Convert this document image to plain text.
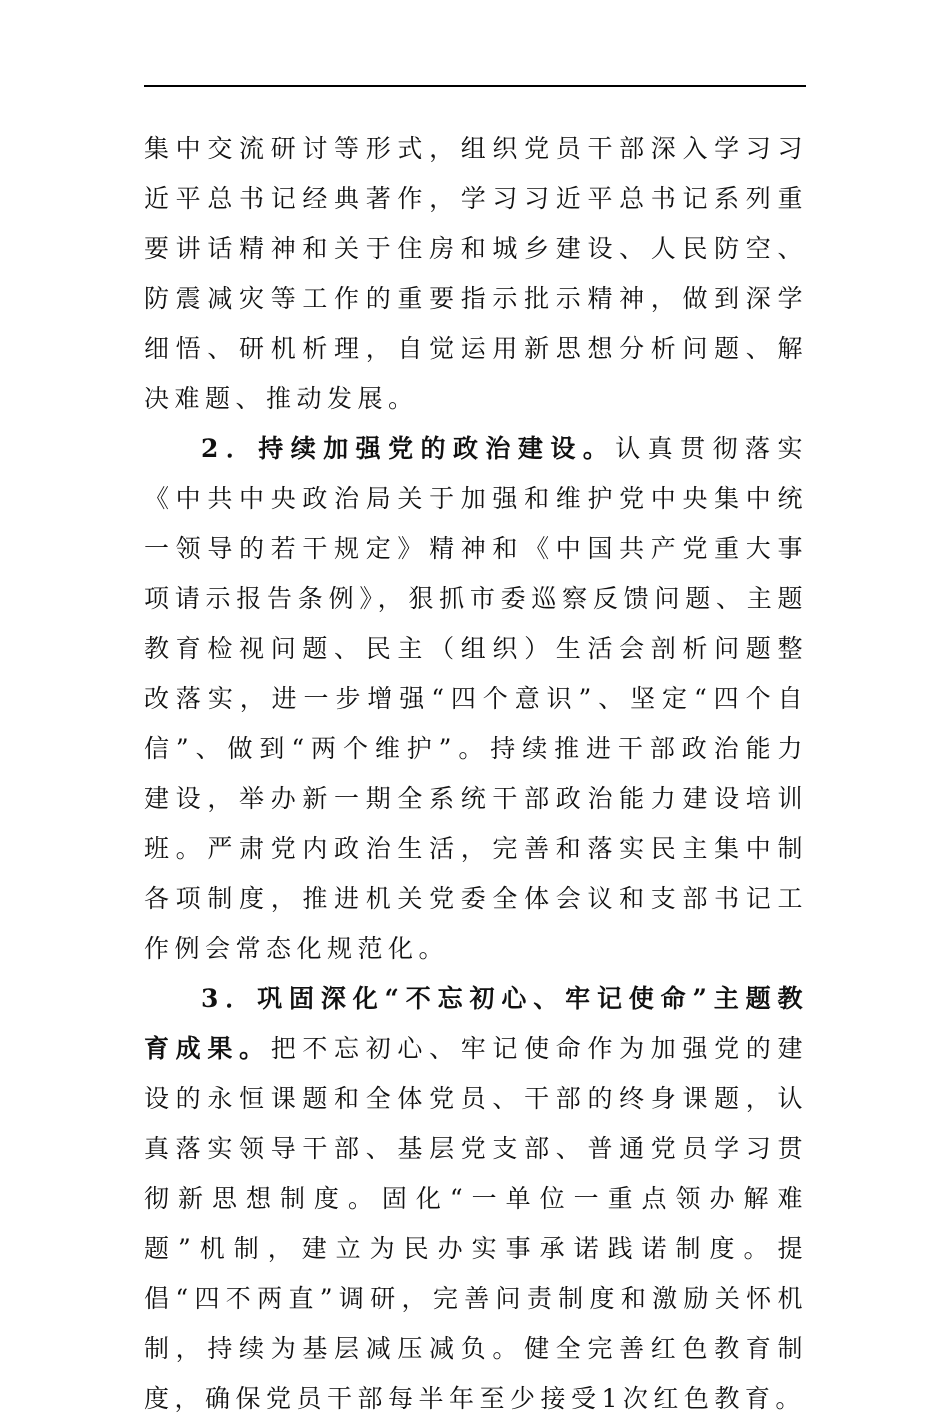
集中交流研讨等形式，组织党员干部深入学习习近平总书记经典著作，学习习近平总书记系列重要讲话精神和关于住房和城乡建设、人民防空、防震减灾等工作的重要指示批示精神，做到深学细悟、研机析理，自觉运用新思想分析问题、解决难题、推动发展。

2．持续加强党的政治建设。认真贯彻落实《中共中央政治局关于加强和维护党中央集中统一领导的若干规定》精神和《中国共产党重大事项请示报告条例》，狠抓市委巡察反馈问题、主题教育检视问题、民主（组织）生活会剖析问题整改落实，进一步增强“四个意识”、坚定“四个自信”、做到“两个维护”。持续推进干部政治能力建设，举办新一期全系统干部政治能力建设培训班。严肃党内政治生活，完善和落实民主集中制各项制度，推进机关党委全体会议和支部书记工作例会常态化规范化。

3．巩固深化“不忘初心、牢记使命”主题教育成果。把不忘初心、牢记使命作为加强党的建设的永恒课题和全体党员、干部的终身课题，认真落实领导干部、基层党支部、普通党员学习贯彻新思想制度。固化“一单位一重点领办解难题”机制，建立为民办实事承诺践诺制度。提倡“四不两直”调研，完善问责制度和激励关怀机制，持续为基层减压减负。健全完善红色教育制度，确保党员干部每半年至少接受1次红色教育。
